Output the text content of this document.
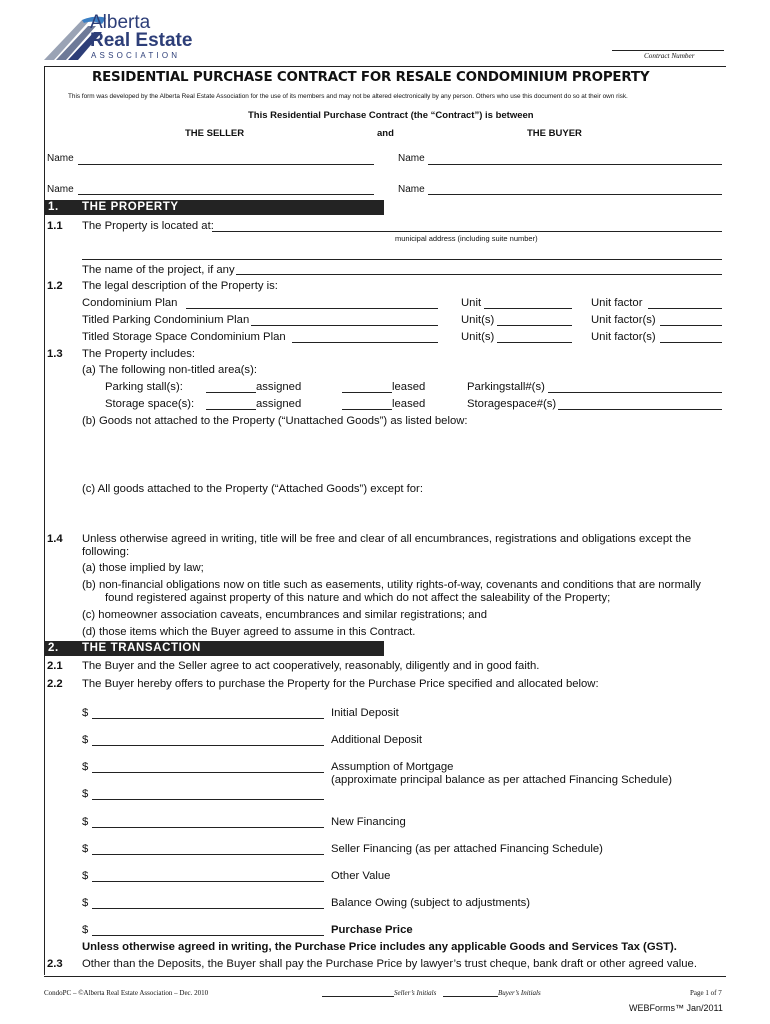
Alberta
Real Estate
ASSOCIATION	Contract Number
RESIDENTIAL PURCHASE CONTRACT FOR RESALE CONDOMINIUM PROPERTY
This form was developed by the Alberta Real Estate Association for the use of its members and may not be altered electronically by any person. Others who use this document do so at their own risk.
This Residential Purchase Contract (the “Contract”) is between
THE SELLER	and	THE BUYER
Name	Name
Name	Name
1. THE PROPERTY
1.1 The Property is located at:
municipal address (including suite number)
The name of the project, if any
1.2 The legal description of the Property is:
Condominium Plan	Unit	Unit factor
Titled Parking Condominium Plan	Unit(s)	Unit factor(s)
Titled Storage Space Condominium Plan	Unit(s)	Unit factor(s)
1.3 The Property includes:
(a) The following non-titled area(s):
Parking stall(s):	assigned	leased	Parkingstall#(s)
Storage space(s):	assigned	leased	Storagespace#(s)
(b) Goods not attached to the Property (“Unattached Goods”) as listed below:
(c) All goods attached to the Property (“Attached Goods”) except for:
1.4 Unless otherwise agreed in writing, title will be free and clear of all encumbrances, registrations and obligations except the
following:
(a) those implied by law;
(b) non-financial obligations now on title such as easements, utility rights-of-way, covenants and conditions that are normally
found registered against property of this nature and which do not affect the saleability of the Property;
(c) homeowner association caveats, encumbrances and similar registrations; and
(d) those items which the Buyer agreed to assume in this Contract.
2. THE TRANSACTION
2.1 The Buyer and the Seller agree to act cooperatively, reasonably, diligently and in good faith.
2.2 The Buyer hereby offers to purchase the Property for the Purchase Price specified and allocated below:
$	Initial Deposit
$	Additional Deposit
$	Assumption of Mortgage
(approximate principal balance as per attached Financing Schedule)
$
$	New Financing
$	Seller Financing (as per attached Financing Schedule)
$	Other Value
$	Balance Owing (subject to adjustments)
$	Purchase Price
Unless otherwise agreed in writing, the Purchase Price includes any applicable Goods and Services Tax (GST).
2.3 Other than the Deposits, the Buyer shall pay the Purchase Price by lawyer’s trust cheque, bank draft or other agreed value.
CondoPC – ©Alberta Real Estate Association – Dec. 2010	Seller’s Initials	Buyer’s Initials	Page 1 of 7
WEBForms™ Jan/2011
